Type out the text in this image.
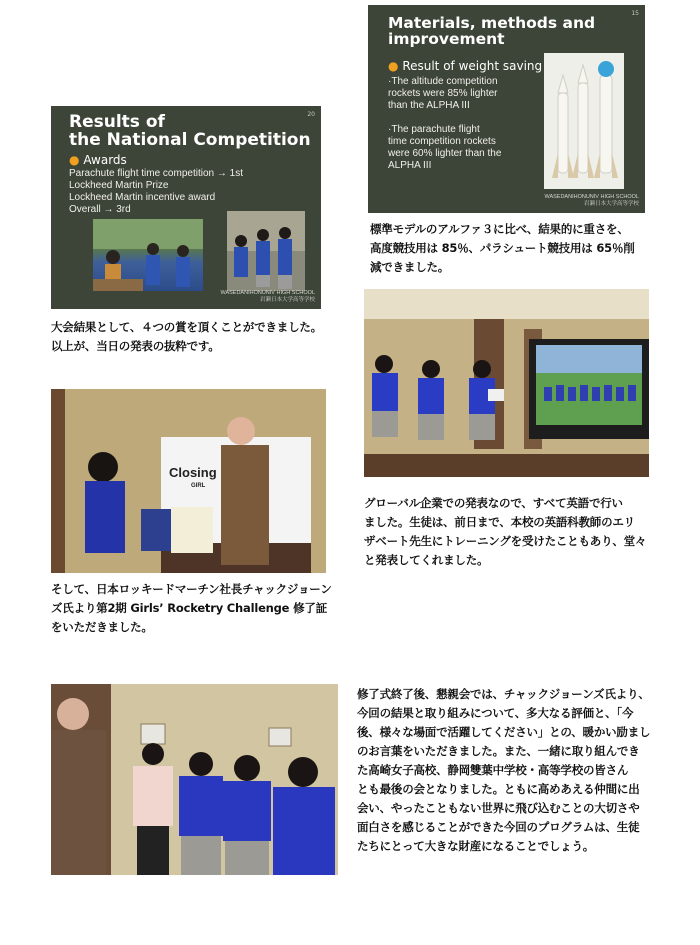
20
Results of
the National Competition
● Awards
Parachute flight time competition → 1st
Lockheed Martin Prize
Lockheed Martin incentive award
Overall → 3rd
WASEDANIHONUNIV HIGH SCHOOL
岩瀬日本大学高等学校
15
Materials, methods and
improvement
● Result of weight saving
·The altitude competition
rockets were 85% lighter
than the ALPHA III
·The parachute flight
time competition rockets
were 60% lighter than the
ALPHA III
WASEDANIHONUNIV HIGH SCHOOL
岩瀬日本大学高等学校
標準モデルのアルファ３に比べ、結果的に重さを、
高度競技用は 85％、パラシュート競技用は 65％削
減できました。
大会結果として、４つの賞を頂くことができました。
以上が、当日の発表の抜粋です。
グローバル企業での発表なので、すべて英語で行い
ました。生徒は、前日まで、本校の英語科教師のエリ
ザベート先生にトレーニングを受けたこともあり、堂々
と発表してくれました。
Closing
GIRL
そして、日本ロッキードマーチン社長チャックジョーン
ズ氏より第2期 Girls’ Rocketry Challenge 修了証
をいただきました。
修了式終了後、懇親会では、チャックジョーンズ氏より、
今回の結果と取り組みについて、多大なる評価と、「今
後、様々な場面で活躍してください」との、暖かい励まし
のお言葉をいただきました。また、一緒に取り組んでき
た高崎女子高校、静岡雙葉中学校・高等学校の皆さん
とも最後の会となりました。ともに高めあえる仲間に出
会い、やったこともない世界に飛び込むことの大切さや
面白さを感じることができた今回のプログラムは、生徒
たちにとって大きな財産になることでしょう。
